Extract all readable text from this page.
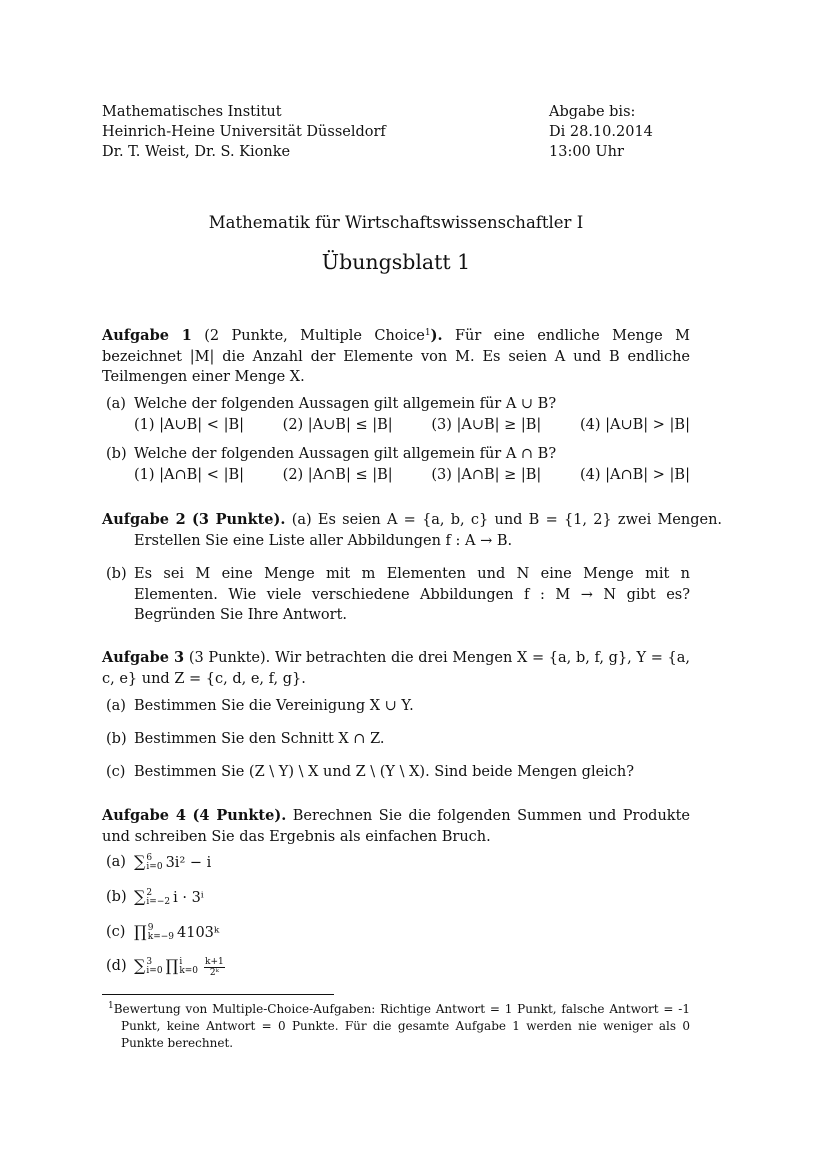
Mathematisches Institut
Heinrich-Heine Universität Düsseldorf
Dr. T. Weist, Dr. S. Kionke
Abgabe bis:
Di 28.10.2014
13:00 Uhr
Mathematik für Wirtschaftswissenschaftler I
Übungsblatt 1
Aufgabe 1 (2 Punkte, Multiple Choice$^1$). Für eine endliche Menge M bezeichnet |M| die Anzahl der Elemente von M. Es seien A und B endliche Teilmengen einer Menge X.
(a) Welche der folgenden Aussagen gilt allgemein für A ∪ B?
(1) |A∪B| < |B|	(2) |A∪B| ≤ |B|	(3) |A∪B| ≥ |B|	(4) |A∪B| > |B|
(b) Welche der folgenden Aussagen gilt allgemein für A ∩ B?
(1) |A∩B| < |B|	(2) |A∩B| ≤ |B|	(3) |A∩B| ≥ |B|	(4) |A∩B| > |B|
Aufgabe 2 (3 Punkte). (a) Es seien A = {a, b, c} und B = {1, 2} zwei Mengen. Erstellen Sie eine Liste aller Abbildungen f : A → B.
(b) Es sei M eine Menge mit m Elementen und N eine Menge mit n Elementen. Wie viele verschiedene Abbildungen f : M → N gibt es? Begründen Sie Ihre Antwort.
Aufgabe 3 (3 Punkte). Wir betrachten die drei Mengen X = {a, b, f, g}, Y = {a, c, e} und Z = {c, d, e, f, g}.
(a) Bestimmen Sie die Vereinigung X ∪ Y.
(b) Bestimmen Sie den Schnitt X ∩ Z.
(c) Bestimmen Sie (Z \ Y) \ X und Z \ (Y \ X). Sind beide Mengen gleich?
Aufgabe 4 (4 Punkte). Berechnen Sie die folgenden Summen und Produkte und schreiben Sie das Ergebnis als einfachen Bruch.
(a) ∑ 6
i=0 3i² − i
(b) ∑ 2
i=−2 i · 3ⁱ
(c) ∏ 9
k=−9 4103ᵏ
(d) ∑ 3
i=0 ∏ i
$k=0 \frac{k+1}{\text{2ᵏ}}$
$^1$Bewertung von Multiple-Choice-Aufgaben: Richtige Antwort = 1 Punkt, falsche Antwort = -1 Punkt, keine Antwort = 0 Punkte. Für die gesamte Aufgabe 1 werden nie weniger als 0 Punkte berechnet.
